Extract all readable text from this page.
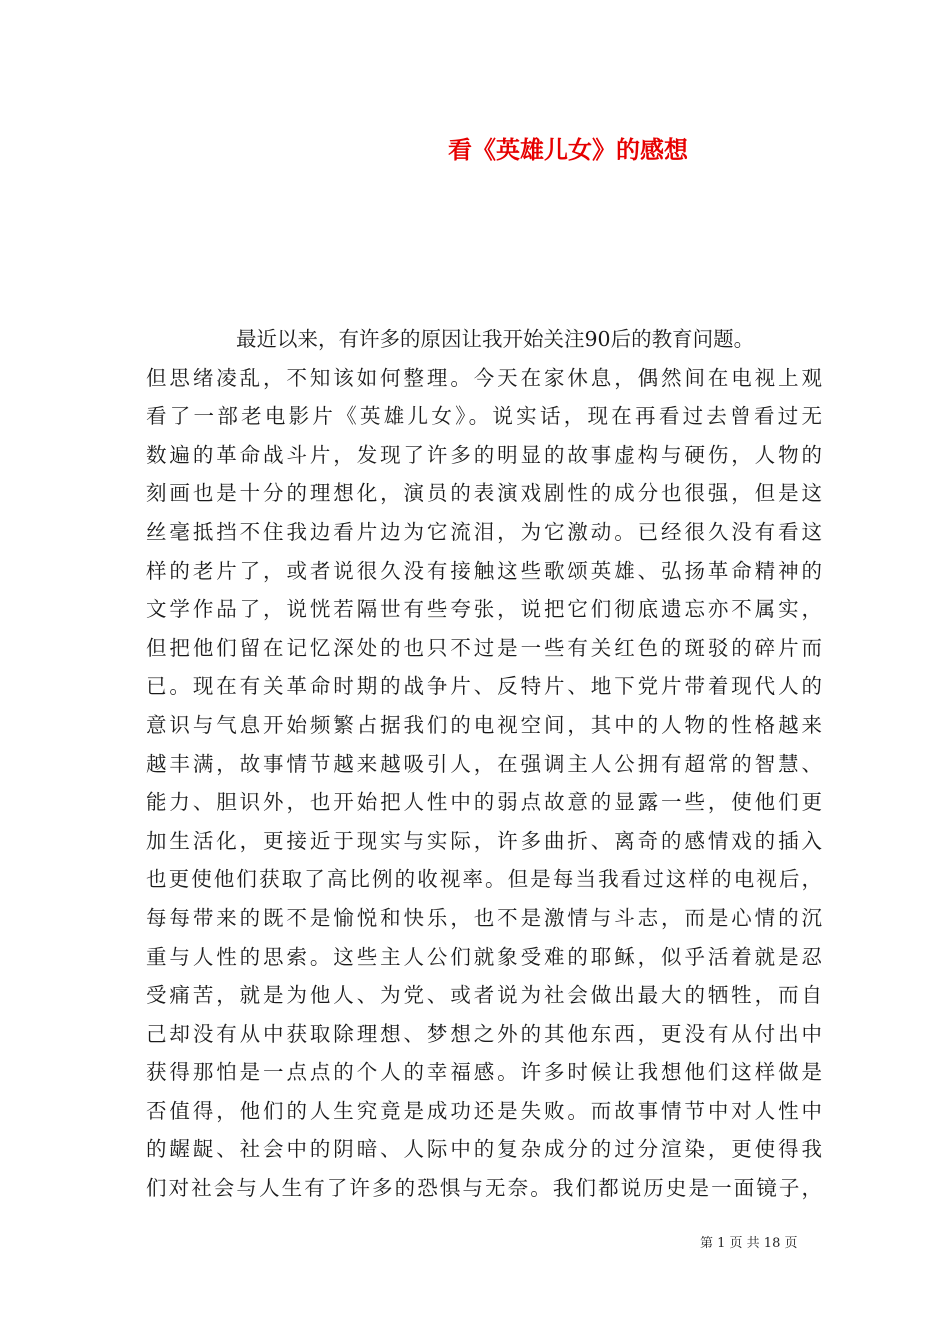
看《英雄儿女》的感想
最近以来，有许多的原因让我开始关注90后的教育问题。
但思绪凌乱，不知该如何整理。今天在家休息，偶然间在电视上观
看了一部老电影片《英雄儿女》。说实话，现在再看过去曾看过无
数遍的革命战斗片，发现了许多的明显的故事虚构与硬伤，人物的
刻画也是十分的理想化，演员的表演戏剧性的成分也很强，但是这
丝毫抵挡不住我边看片边为它流泪，为它激动。已经很久没有看这
样的老片了，或者说很久没有接触这些歌颂英雄、弘扬革命精神的
文学作品了，说恍若隔世有些夸张，说把它们彻底遗忘亦不属实，
但把他们留在记忆深处的也只不过是一些有关红色的斑驳的碎片而
已。现在有关革命时期的战争片、反特片、地下党片带着现代人的
意识与气息开始频繁占据我们的电视空间，其中的人物的性格越来
越丰满，故事情节越来越吸引人，在强调主人公拥有超常的智慧、
能力、胆识外，也开始把人性中的弱点故意的显露一些，使他们更
加生活化，更接近于现实与实际，许多曲折、离奇的感情戏的插入
也更使他们获取了高比例的收视率。但是每当我看过这样的电视后，
每每带来的既不是愉悦和快乐，也不是激情与斗志，而是心情的沉
重与人性的思索。这些主人公们就象受难的耶稣，似乎活着就是忍
受痛苦，就是为他人、为党、或者说为社会做出最大的牺牲，而自
己却没有从中获取除理想、梦想之外的其他东西，更没有从付出中
获得那怕是一点点的个人的幸福感。许多时候让我想他们这样做是
否值得，他们的人生究竟是成功还是失败。而故事情节中对人性中
的龌龊、社会中的阴暗、人际中的复杂成分的过分渲染，更使得我
们对社会与人生有了许多的恐惧与无奈。我们都说历史是一面镜子，
第 1 页 共 18 页
